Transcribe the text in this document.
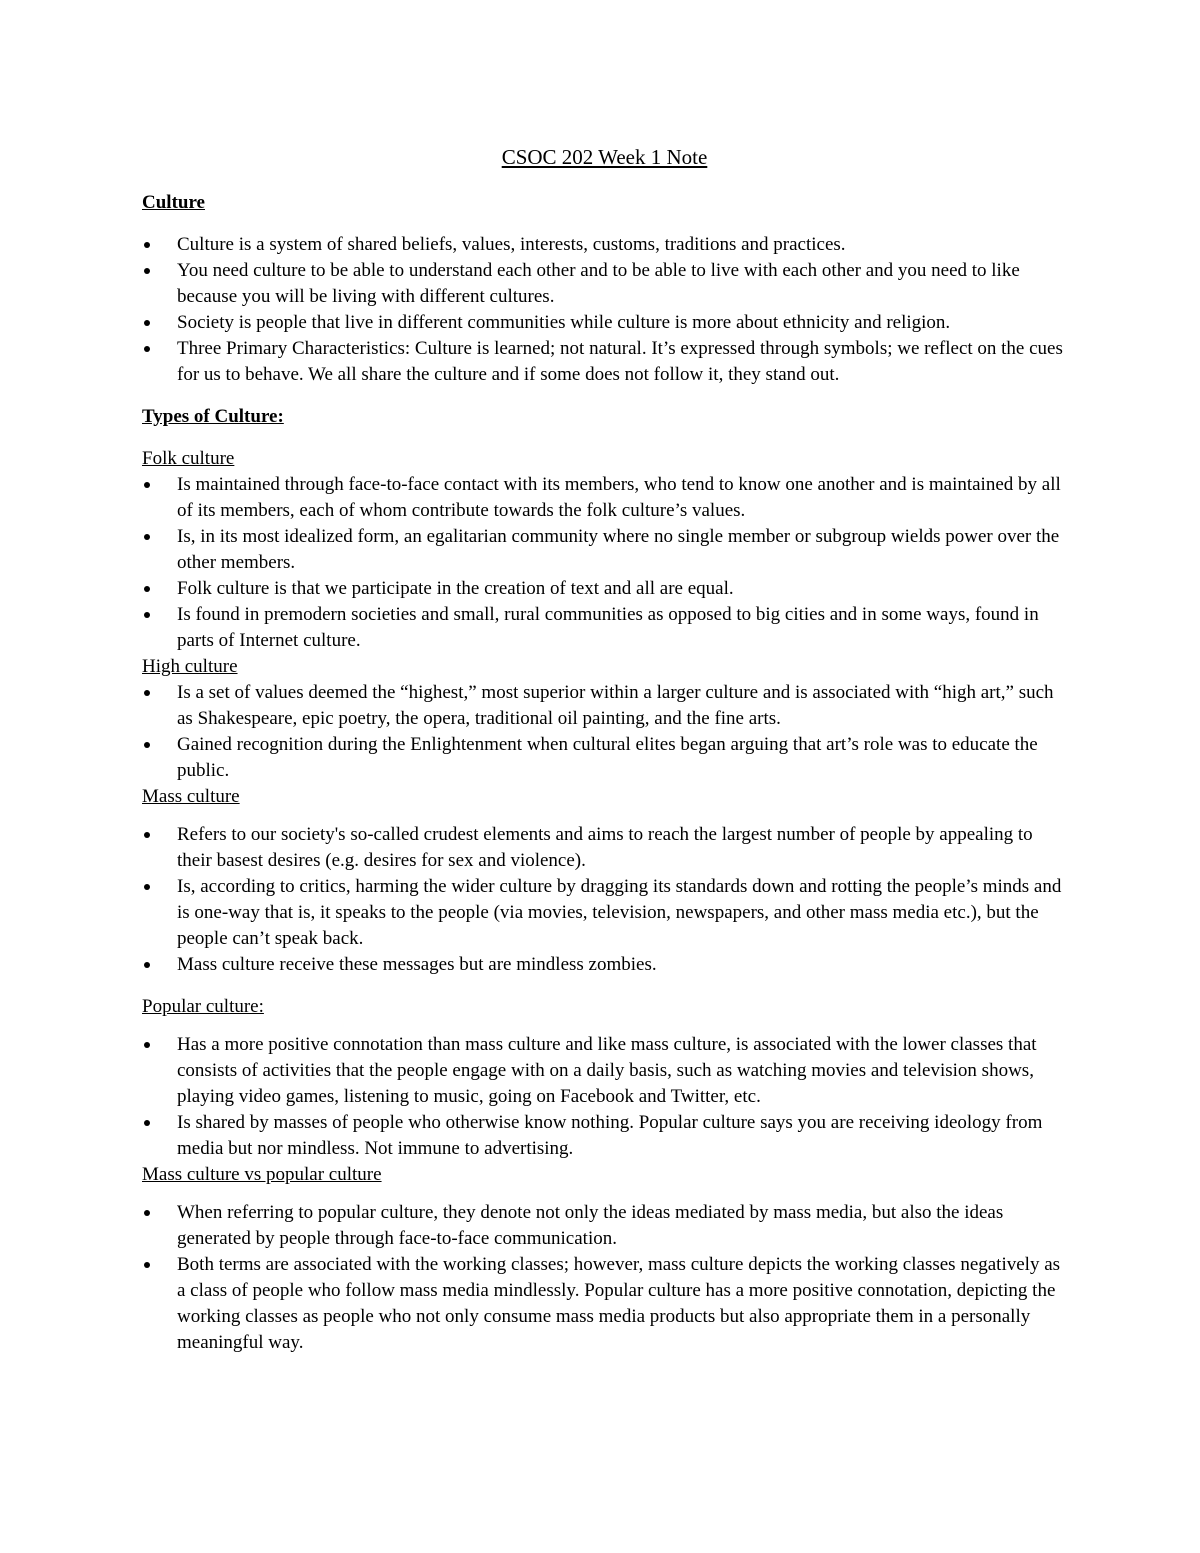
CSOC 202 Week 1 Note
Culture
Culture is a system of shared beliefs, values, interests, customs, traditions and practices.
You need culture to be able to understand each other and to be able to live with each other and you need to like because you will be living with different cultures.
Society is people that live in different communities while culture is more about ethnicity and religion.
Three Primary Characteristics: Culture is learned; not natural. It’s expressed through symbols; we reflect on the cues for us to behave. We all share the culture and if some does not follow it, they stand out.
Types of Culture:
Folk culture
Is maintained through face-to-face contact with its members, who tend to know one another and is maintained by all of its members, each of whom contribute towards the folk culture’s values.
Is, in its most idealized form, an egalitarian community where no single member or subgroup wields power over the other members.
Folk culture is that we participate in the creation of text and all are equal.
Is found in premodern societies and small, rural communities as opposed to big cities and in some ways, found in parts of Internet culture.
High culture
Is a set of values deemed the “highest,” most superior within a larger culture and is associated with “high art,” such as Shakespeare, epic poetry, the opera, traditional oil painting, and the fine arts.
Gained recognition during the Enlightenment when cultural elites began arguing that art’s role was to educate the public.
Mass culture
Refers to our society's so-called crudest elements and aims to reach the largest number of people by appealing to their basest desires (e.g. desires for sex and violence).
Is, according to critics, harming the wider culture by dragging its standards down and rotting the people’s minds and is one-way that is, it speaks to the people (via movies, television, newspapers, and other mass media etc.), but the people can’t speak back.
Mass culture receive these messages but are mindless zombies.
Popular culture:
Has a more positive connotation than mass culture and like mass culture, is associated with the lower classes that consists of activities that the people engage with on a daily basis, such as watching movies and television shows, playing video games, listening to music, going on Facebook and Twitter, etc.
Is shared by masses of people who otherwise know nothing. Popular culture says you are receiving ideology from media but nor mindless. Not immune to advertising.
Mass culture vs popular culture
When referring to popular culture, they denote not only the ideas mediated by mass media, but also the ideas generated by people through face-to-face communication.
Both terms are associated with the working classes; however, mass culture depicts the working classes negatively as a class of people who follow mass media mindlessly. Popular culture has a more positive connotation, depicting the working classes as people who not only consume mass media products but also appropriate them in a personally meaningful way.
